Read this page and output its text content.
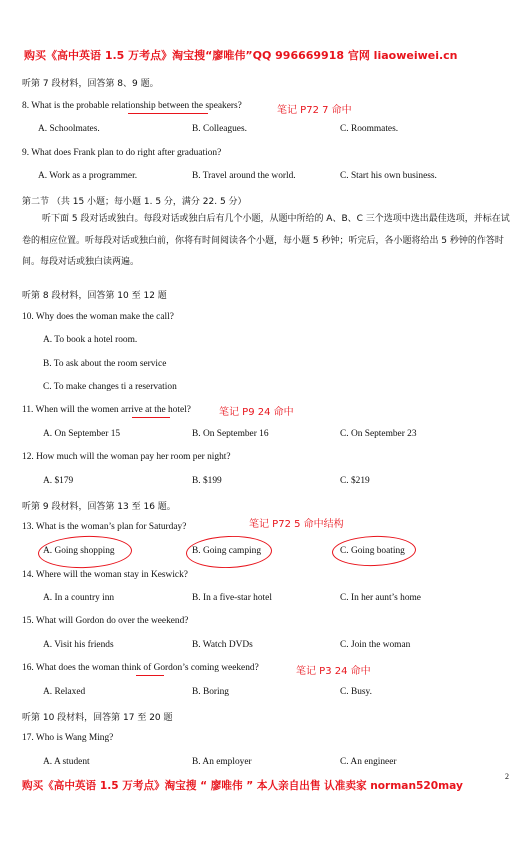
购买《高中英语 1.5 万考点》淘宝搜“廖唯伟”QQ 996669918 官网 liaoweiwei.cn
听第 7 段材料，回答第 8、9 题。
8. What is the probable relationship between the speakers?	笔记 P72 7 命中
A. Schoolmates.	B. Colleagues.	C. Roommates.
9. What does Frank plan to do right after graduation?
A. Work as a programmer.	B. Travel around the world.	C. Start his own business.
第二节 （共 15 小题；每小题 1. 5 分，满分 22. 5 分）
听下面 5 段对话或独白。每段对话或独白后有几个小题，从题中所给的 A、B、C 三个选项中选出最佳选项，并标在试卷的相应位置。听每段对话或独白前，你将有时间阅读各个小题，每小题 5 秒钟；听完后，各小题将给出 5 秒钟的作答时间。每段对话或独白读两遍。
听第 8 段材料，回答第 10 至 12 题
10. Why does the woman make the call?
A. To book a hotel room.
B. To ask about the room service
C. To make changes ti a reservation
11. When will the women arrive at the hotel?	笔记 P9 24 命中
A. On September 15	B. On September 16	C. On September 23
12. How much will the woman pay her room per night?
A. $179	B. $199	C. $219
听第 9 段材料，回答第 13 至 16 题。
笔记 P72 5 命中结构
13. What is the woman’s plan for Saturday?
A. Going shopping	B. Going camping	C. Going boating
14. Where will the woman stay in Keswick?
A. In a country inn	B. In a five-star hotel	C. In her aunt’s home
15. What will Gordon do over the weekend?
A. Visit his friends	B. Watch DVDs	C. Join the woman
16. What does the woman think of Gordon’s coming weekend?	笔记 P3 24 命中
A. Relaxed	B. Boring	C. Busy.
听第 10 段材料，回答第 17 至 20 题
17. Who is Wang Ming?
A. A student	B. An employer	C. An engineer
购买《高中英语 1.5 万考点》淘宝搜 “ 廖唯伟 ” 本人亲自出售 认准卖家 norman520may
2
